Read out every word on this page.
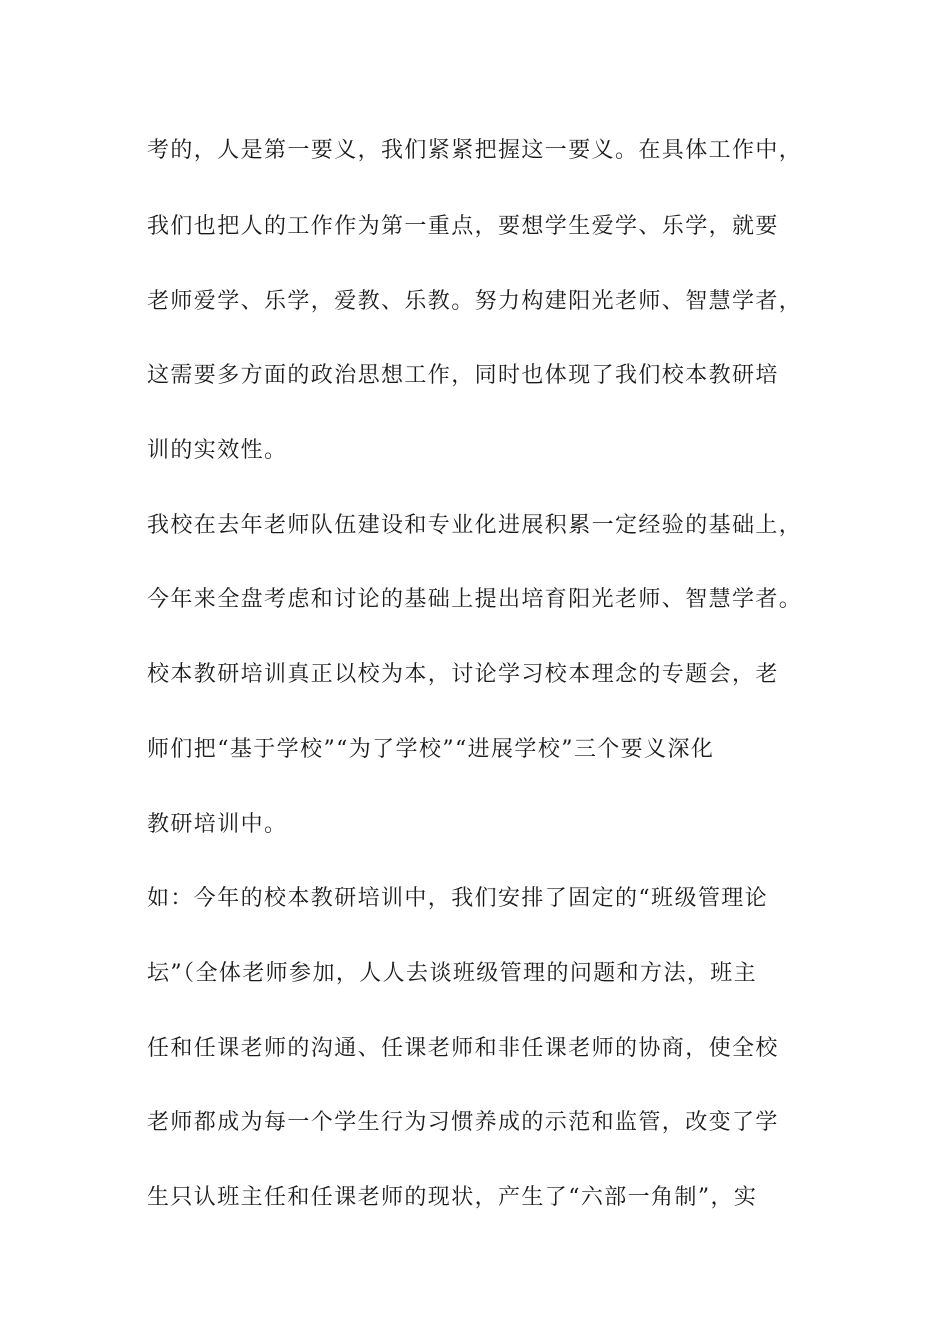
考的，人是第一要义，我们紧紧把握这一要义。在具体工作中，
我们也把人的工作作为第一重点，要想学生爱学、乐学，就要
老师爱学、乐学，爱教、乐教。努力构建阳光老师、智慧学者，
这需要多方面的政治思想工作，同时也体现了我们校本教研培
训的实效性。
我校在去年老师队伍建设和专业化进展积累一定经验的基础上，
今年来全盘考虑和讨论的基础上提出培育阳光老师、智慧学者。
校本教研培训真正以校为本，讨论学习校本理念的专题会，老
师们把“基于学校”“为了学校”“进展学校”三个要义深化
教研培训中。
如：今年的校本教研培训中，我们安排了固定的“班级管理论
坛”（全体老师参加，人人去谈班级管理的问题和方法，班主
任和任课老师的沟通、任课老师和非任课老师的协商，使全校
老师都成为每一个学生行为习惯养成的示范和监管，改变了学
生只认班主任和任课老师的现状，产生了“六部一角制”，实
